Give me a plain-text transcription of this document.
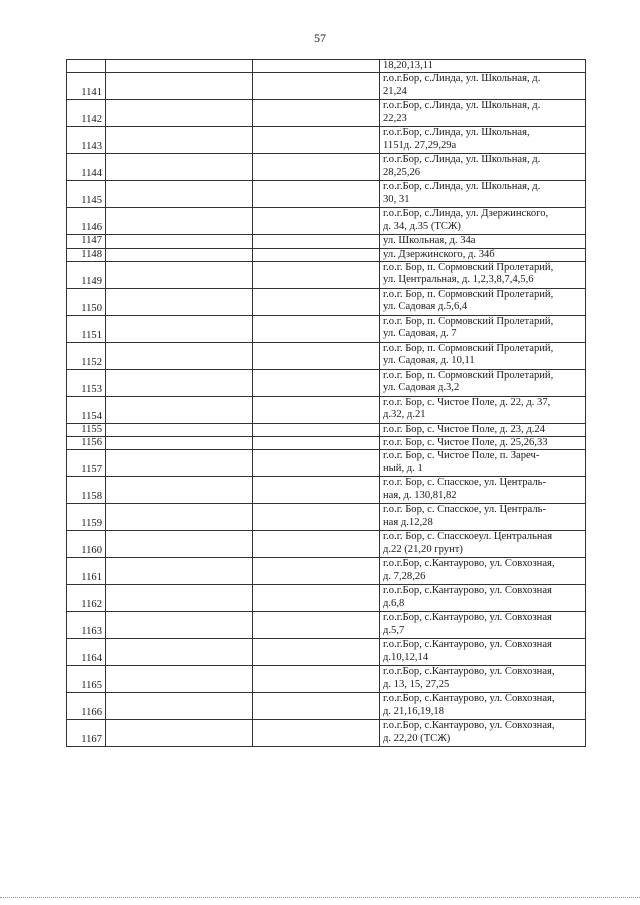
57

			18,20,13,11

1141			г.о.г.Бор, с.Линда, ул. Школьная, д.
21,24

1142			г.о.г.Бор, с.Линда, ул. Школьная, д.
22,23

1143			г.о.г.Бор, с.Линда, ул. Школьная,
1151д. 27,29,29а

1144			г.о.г.Бор, с.Линда, ул. Школьная, д.
28,25,26

1145			г.о.г.Бор, с.Линда, ул. Школьная, д.
30, 31

1146			г.о.г.Бор, с.Линда, ул. Дзержинского,
д. 34, д.35 (ТСЖ)

1147			ул. Школьная, д. 34а

1148			ул. Дзержинского, д. 34б

1149			г.о.г. Бор, п. Сормовский Пролетарий,
ул. Центральная, д. 1,2,3,8,7,4,5,6

1150			г.о.г. Бор, п. Сормовский Пролетарий,
ул. Садовая д.5,6,4

1151			г.о.г. Бор, п. Сормовский Пролетарий,
ул. Садовая, д. 7

1152			г.о.г. Бор, п. Сормовский Пролетарий,
ул. Садовая, д. 10,11

1153			г.о.г. Бор, п. Сормовский Пролетарий,
ул. Садовая д.3,2

1154			г.о.г. Бор, с. Чистое Поле, д. 22, д. 37,
д.32, д.21

1155			г.о.г. Бор, с. Чистое Поле, д. 23, д.24

1156			г.о.г. Бор, с. Чистое Поле, д. 25,26,33

1157			г.о.г. Бор, с. Чистое Поле, п. Зареч-
ный, д. 1

1158			г.о.г. Бор, с. Спасское, ул. Централь-
ная, д. 130,81,82

1159			г.о.г. Бор, с. Спасское, ул. Централь-
ная д.12,28

1160			г.о.г. Бор, с. Спасскоеул. Центральная
д.22 (21,20 грунт)

1161			г.о.г.Бор, с.Кантаурово, ул. Совхозная,
д. 7,28,26

1162			г.о.г.Бор, с.Кантаурово, ул. Совхозная
д.6,8

1163			г.о.г.Бор, с.Кантаурово, ул. Совхозная
д.5,7

1164			г.о.г.Бор, с.Кантаурово, ул. Совхозная
д.10,12,14

1165			г.о.г.Бор, с.Кантаурово, ул. Совхозная,
д. 13, 15, 27,25

1166			г.о.г.Бор, с.Кантаурово, ул. Совхозная,
д. 21,16,19,18

1167			г.о.г.Бор, с.Кантаурово, ул. Совхозная,
д. 22,20 (ТСЖ)
